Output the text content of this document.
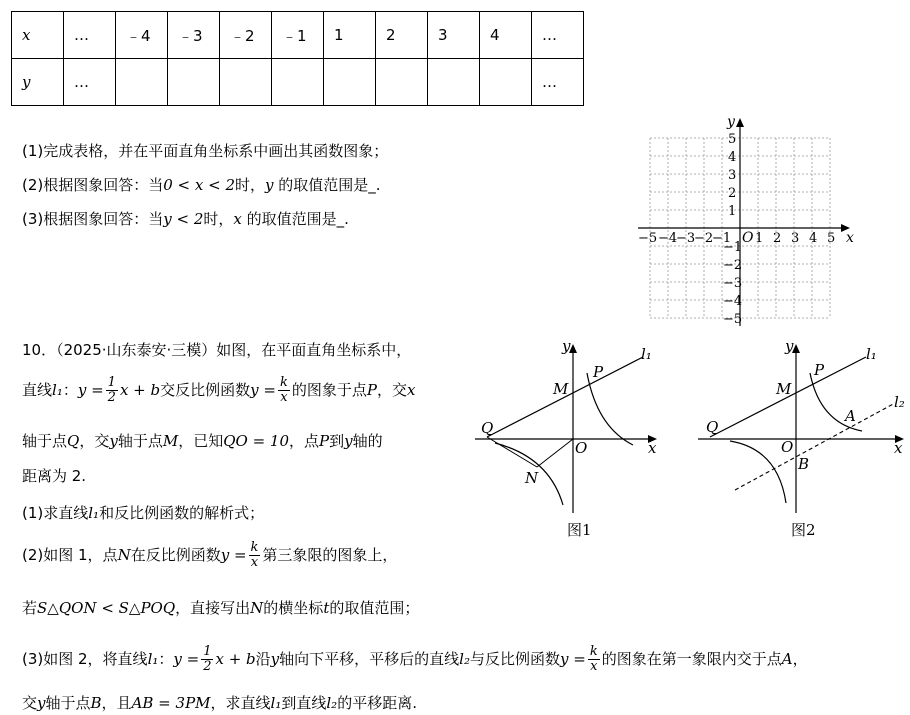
x	…	﹣4	﹣3	﹣2	﹣1	1	2	3	4	…
y	…									…
(1)完成表格，并在平面直角坐标系中画出其函数图象；
(2)根据图象回答：当0 < x < 2时，y 的取值范围是_.
(3)根据图象回答：当y < 2时，x 的取值范围是_.
x
y
O
−5 −4
−3
−2
−1 1 2 3 4 5
5
4
3
2
1
−1
−2
−3
−4
−5
10．（2025·山东泰安·三模）如图，在平面直角坐标系中，
直线l₁：$y = \frac{1}{2}$ x + b交反比例函数$y = \frac{k}{x}$ 的图象于点P，交x
轴于点Q，交y轴于点M，已知QO = 10，点P到y轴的
距离为 2.
(1)求直线l₁和反比例函数的解析式；
(2)如图 1，点N在反比例函数$y = \frac{k}{x}$ 第三象限的图象上，
若S△QON < S△POQ，直接写出N的横坐标t的取值范围；
(3)如图 2，将直线l₁：$y = \frac{1}{2}$ x + b沿y轴向下平移，平移后的直线l₂与反比例函数$y = \frac{k}{x}$ 的图象在第一象限内交于点A，
交y轴于点B，且AB = 3PM，求直线l₁到直线l₂的平移距离.
y
x
O
M
P
Q
N
l₁
图1
y
x
O
M
P
Q
A
B
l₁
l₂
图2
